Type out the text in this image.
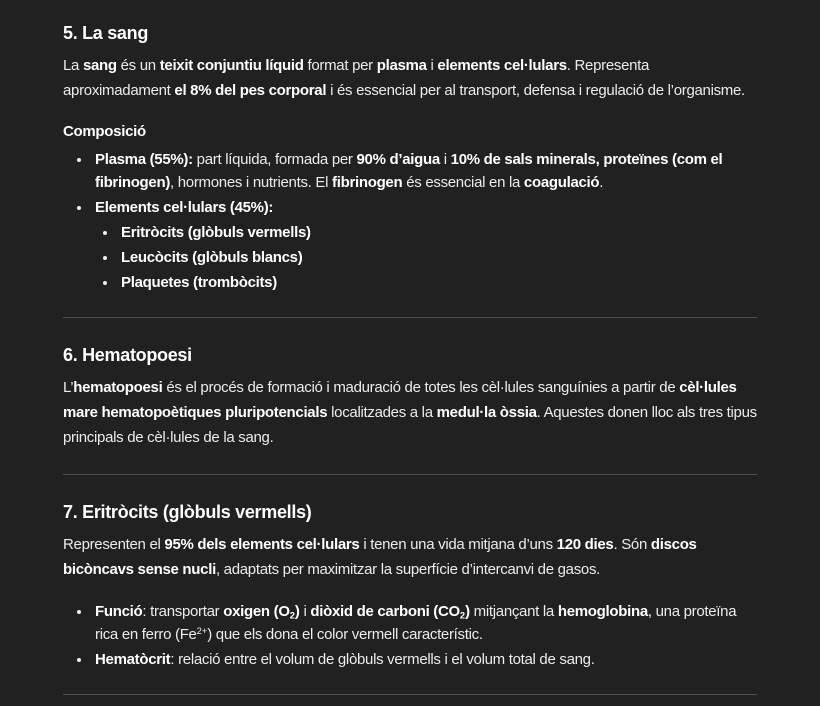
5. La sang

La sang és un teixit conjuntiu líquid format per plasma i elements cel·lulars. Representa aproximadament el 8% del pes corporal i és essencial per al transport, defensa i regulació de l’organisme.

Composició

• Plasma (55%): part líquida, formada per 90% d’aigua i 10% de sals minerals, proteïnes (com el fibrinogen), hormones i nutrients. El fibrinogen és essencial en la coagulació.
• Elements cel·lulars (45%):
• Eritròcits (glòbuls vermells)
• Leucòcits (glòbuls blancs)
• Plaquetes (trombòcits)
6. Hematopoesi

L’hematopoesi és el procés de formació i maduració de totes les cèl·lules sanguínies a partir de cèl·lules mare hematopoètiques pluripotencials localitzades a la medul·la òssia. Aquestes donen lloc als tres tipus principals de cèl·lules de la sang.

7. Eritròcits (glòbuls vermells)

Representen el 95% dels elements cel·lulars i tenen una vida mitjana d’uns 120 dies. Són discos bicòncavs sense nucli, adaptats per maximitzar la superfície d’intercanvi de gasos.

• Funció: transportar oxigen $(O_2)$ i diòxid de carboni $(CO_2)$ mitjançant la hemoglobina, una proteïna rica en ferro $(Fe^{2+})$ que els dona el color vermell característic.
• Hematòcrit: relació entre el volum de glòbuls vermells i el volum total de sang.
